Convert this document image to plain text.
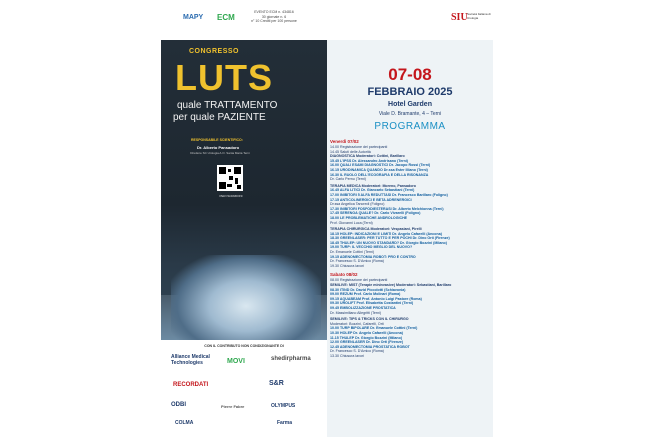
MAPY ECM
EVENTO ECM n. 434816
30 giornate n. 6
n° 10 Crediti per 100 persone	SIU Società Italiana di Urologia
CONGRESSO
LUTS
quale TRATTAMENTO
per quale PAZIENTE
RESPONSABILE SCIENTIFICO:
Dr. Alberto Pansadoro
Direttore SC Urologia A.O. Santa Maria Terni
PER ISCRIZIONI
07-08
FEBBRAIO 2025
Hotel Garden
Viale D. Bramante, 4 – Terni
PROGRAMMA
Venerdì 07/02
14.00 Registrazione dei partecipanti
14.45 Saluti delle Autorità
DIAGNOSTICA Moderatori: Cottini, Barillaro
15.45 L'IPSS Dr. Alessandro Andrisano (Terni)
16.00 QUALI ESAMI DIAGNOSTICI Dr. Jacopo Rossi (Terni)
16.15 URODINAMICA QUANDO Dr.ssa Ester Illiano (Terni)
16.30 IL RUOLO DELL'ECOGRAFIA E DELLA RISONANZA
Dr. Carlo Pernu (Terni)
TERAPIA MEDICA Moderatori: Moreno, Pansadoro
16.45 ALFA LITICI Dr. Giancarlo Sebastiani (Terni)
17.00 INIBITORI 5 ALFA REDUTTASI Dr. Francesco Barillaro (Foligno)
17.15 ANTICOLINERGICI E BETA ADRENERGICI
Dr.ssa Angelica Tancredi (Foligno)
17.30 INIBITORI FOSFODIESTERASI Dr. Alberto Melchionna (Terni)
17.45 SERENOA QUALE? Dr. Carlo Vivarelli (Foligno)
18.00 LE PROBLEMATICHE ANDROLOGICHE
Prof. Giovanni Luca (Terni)
TERAPIA CHIRURGICA Moderatori: Vespasiani, Pirelli
18.15 HOLEP: INDICAZIONI E LIMITI Dr. Angelo Cafarelli (Ancona)
18.30 GREENLASER: PER TUTTO E PER POCHI Dr. Dino Orti (Firenze)
18.45 THULEP: UN NUOVO STANDARD? Dr. Giorgio Bozzini (Milano)
19.00 TURP: IL VECCHIO MEGLIO DEL NUOVO?
Dr. Emanuele Cottini (Terni)
19.15 ADENOMECTOMIA ROBOT: PRO E CONTRO
Dr. Francesco S. D'Amico (Roma)
19.30 Chiusura lavori
Sabato 08/02
08.00 Registrazione dei partecipanti
SEMILIVE: MIST (Terapie mininvasive) Moderatori: Sebastiani, Barillaro
08.30 ITIND Dr. David Piccolotti (Schiavonia)
09.00 REZUM Prof. Carlo Molinari (Roma)
09.15 AQUABEAM Prof. Antonio Luigi Pastore (Roma)
09.30 UROLIFT Prof. Elisabetta Costantini (Terni)
09.45 EMBOLIZZAZIONE PROSTATICA
Dr. Massimiliano Allegritti (Terni)
SEMILIVE: TIPS & TRICKS CON IL CHIRURGO
Moderatori: Bozzini, Cafarelli, Orti
10.00 TURP BIPOLARE Dr. Emanuele Cottini (Terni)
10.30 HOLEP Dr. Angelo Cafarelli (Ancona)
11.15 THULEP Dr. Giorgio Bozzini (Milano)
12.00 GREENLASER Dr. Dino Orti (Firenze)
12.45 ADENOMECTOMIA PROSTATICA ROBOT
Dr. Francesco S. D'Amico (Roma)
13.30 Chiusura lavori
CON IL CONTRIBUTO NON CONDIZIONANTE DI
Alliance Medical Technologies	MOVI	shedirpharma
RECORDATI	S&R
ODBI	Pierre Fabre	OLYMPUS
COLMA	Farma
